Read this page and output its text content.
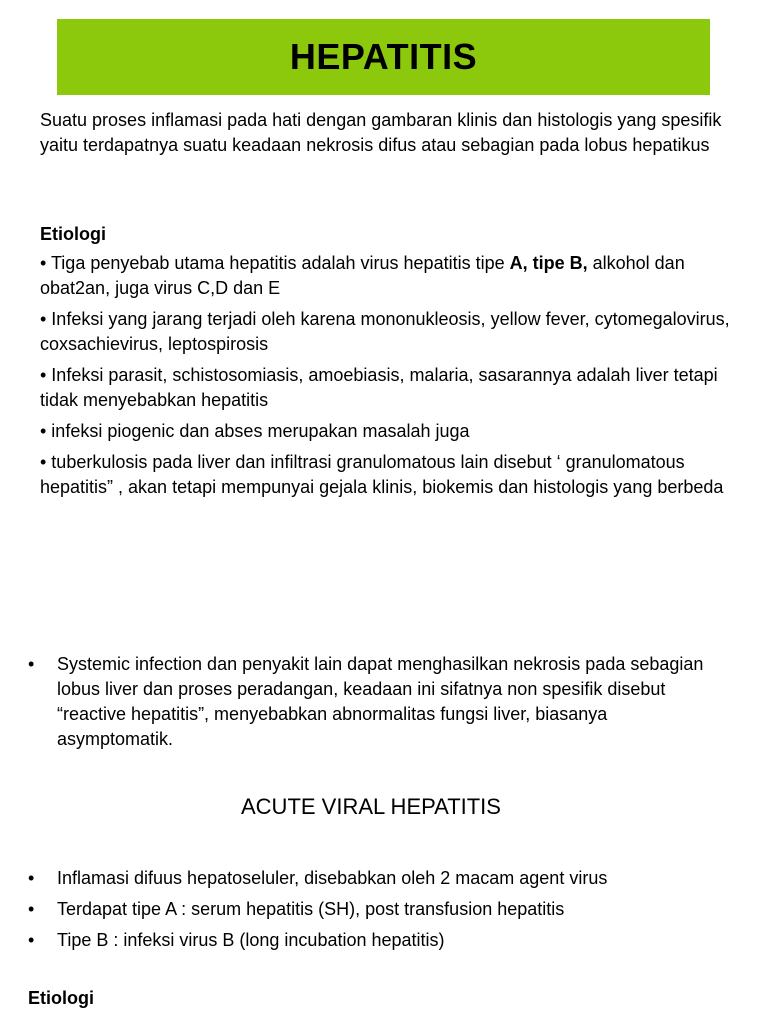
HEPATITIS

Suatu proses inflamasi pada hati dengan gambaran klinis dan histologis yang spesifik yaitu terdapatnya suatu keadaan nekrosis difus atau sebagian pada lobus hepatikus

Etiologi

• Tiga penyebab utama hepatitis adalah virus hepatitis tipe A, tipe B, alkohol dan obat2an, juga virus C,D dan E

• Infeksi yang jarang terjadi oleh karena mononukleosis, yellow fever, cytomegalovirus, coxsachievirus, leptospirosis

• Infeksi parasit, schistosomiasis, amoebiasis, malaria, sasarannya adalah liver tetapi tidak menyebabkan hepatitis

• infeksi piogenic dan abses merupakan masalah juga

• tuberkulosis pada liver dan infiltrasi granulomatous lain disebut ‘ granulomatous hepatitis” , akan tetapi mempunyai gejala klinis, biokemis dan histologis yang berbeda

• Systemic infection dan penyakit lain dapat menghasilkan nekrosis pada sebagian lobus liver dan proses peradangan, keadaan ini sifatnya non spesifik disebut “reactive hepatitis”, menyebabkan abnormalitas fungsi liver, biasanya asymptomatik.
ACUTE VIRAL HEPATITIS
• Inflamasi difuus hepatoseluler, disebabkan oleh 2 macam agent virus
• Terdapat tipe A : serum hepatitis (SH), post transfusion hepatitis
• Tipe B : infeksi virus B (long incubation hepatitis)

Etiologi
